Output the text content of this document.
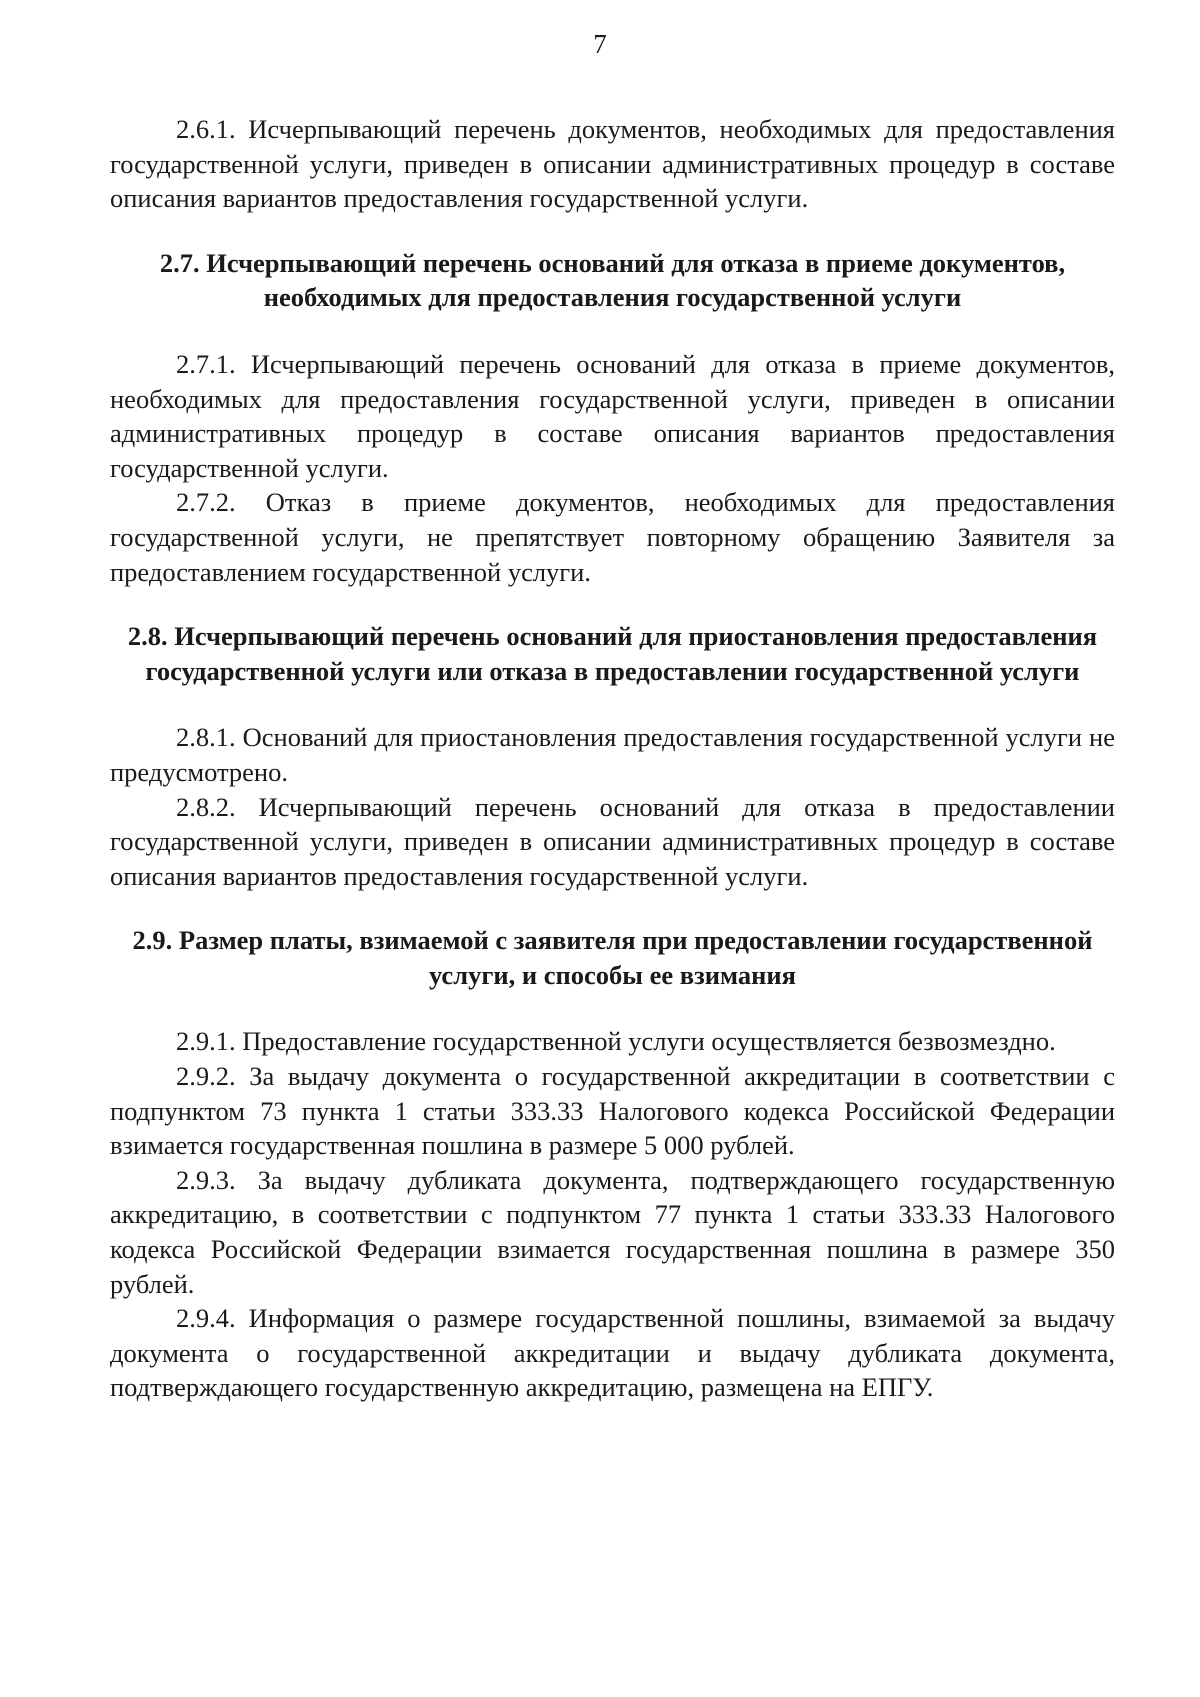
7

2.6.1. Исчерпывающий перечень документов, необходимых для предоставления государственной услуги, приведен в описании административных процедур в составе описания вариантов предоставления государственной услуги.

2.7. Исчерпывающий перечень оснований для отказа в приеме документов, необходимых для предоставления государственной услуги

2.7.1. Исчерпывающий перечень оснований для отказа в приеме документов, необходимых для предоставления государственной услуги, приведен в описании административных процедур в составе описания вариантов предоставления государственной услуги.

2.7.2. Отказ в приеме документов, необходимых для предоставления государственной услуги, не препятствует повторному обращению Заявителя за предоставлением государственной услуги.

2.8. Исчерпывающий перечень оснований для приостановления предоставления государственной услуги или отказа в предоставлении государственной услуги

2.8.1. Оснований для приостановления предоставления государственной услуги не предусмотрено.

2.8.2. Исчерпывающий перечень оснований для отказа в предоставлении государственной услуги, приведен в описании административных процедур в составе описания вариантов предоставления государственной услуги.

2.9. Размер платы, взимаемой с заявителя при предоставлении государственной услуги, и способы ее взимания

2.9.1. Предоставление государственной услуги осуществляется безвозмездно.

2.9.2. За выдачу документа о государственной аккредитации в соответствии с подпунктом 73 пункта 1 статьи 333.33 Налогового кодекса Российской Федерации взимается государственная пошлина в размере 5 000 рублей.

2.9.3. За выдачу дубликата документа, подтверждающего государственную аккредитацию, в соответствии с подпунктом 77 пункта 1 статьи 333.33 Налогового кодекса Российской Федерации взимается государственная пошлина в размере 350 рублей.

2.9.4. Информация о размере государственной пошлины, взимаемой за выдачу документа о государственной аккредитации и выдачу дубликата документа, подтверждающего государственную аккредитацию, размещена на ЕПГУ.
